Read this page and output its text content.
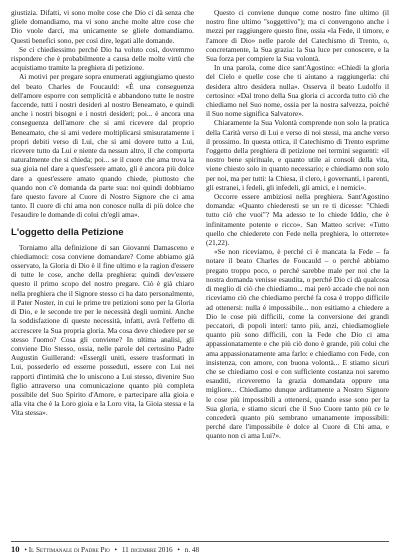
giustizia. Difatti, vi sono molte cose che Dio ci dà senza che gliele domandiamo, ma vi sono anche molte altre cose che Dio vuole darci, ma unicamente se gliele domandiamo. Questi benefici sono, per così dire, legati alle domande.

Se ci chiediessimo perché Dio ha voluto così, dovremmo rispondere che è probabilmente a causa delle molte virtù che acquistiamo tramite la preghiera di petizione.

Ai motivi per pregare sopra enumerati aggiungiamo questo del beato Charles de Foucauld: «È una conseguenza dell'amore esporre con semplicità e abbandono tutte le nostre faccende, tutti i nostri desideri al nostro Beneamato, e quindi anche i nostri bisogni e i nostri desideri; poi... è ancora una conseguenza dell'amore che si ami ricevere dal proprio Beneamato, che si ami vedere moltiplicarsi smisuratamente i propri debiti verso di Lui, che si ami dovere tutto a Lui, ricevere tutto da Lui e niente da nessun altro, il che comporta naturalmente che si chieda; poi... se il cuore che ama trova la sua gioia nel dare a quest'essere amato, gli è ancora più dolce dare a quest'essere amato quando chiede, piuttosto che quando non c'è domanda da parte sua: noi quindi dobbiamo fare questo favore al Cuore di Nostro Signore che ci ama tanto. Il cuore di chi ama non conosce nulla di più dolce che l'esaudire le domande di colui ch'egli ama».

L'oggetto della Petizione

Torniamo alla definizione di san Giovanni Damasceno e chiediamoci: cosa conviene domandare? Come abbiamo già osservato, la Gloria di Dio è il fine ultimo e la ragion d'essere di tutte le cose, anche della preghiera: quindi dev'essere questo il primo scopo del nostro pregare. Ciò è già chiaro nella preghiera che il Signore stesso ci ha dato personalmente, il Pater Noster, in cui le prime tre petizioni sono per la Gloria di Dio, e le seconde tre per le necessità degli uomini. Anche la soddisfazione di queste necessità, infatti, avrà l'effetto di accrescere la Sua propria gloria. Ma cosa deve chiedere per se stesso l'uomo? Cosa gli conviene? In ultima analisi, gli conviene Dio Stesso, ossia, nelle parole del certosino Padre Augustin Guillerand: «Essergli uniti, essere trasformati in Lui, possederlo ed esserne posseduti, essere con Lui nei rapporti d'intimità che lo uniscono a Lui stesso, divenire Suo figlio attraverso una comunicazione quanto più completa possibile del Suo Spirito d'Amore, e partecipare alla gioia e alla vita che è la Loro gioia e la Loro vita, la Gioia stessa e la Vita stessa».

Questo ci conviene dunque come nostro fine ultimo (il nostro fine ultimo "soggettivo"); ma ci convengono anche i mezzi per raggiungere questo fine, ossia «la Fede, il timore, e l'amore di Dio» nelle parole del Catechismo di Trento, o, concretamente, la Sua grazia: la Sua luce per conoscere, e la Sua forza per compiere la Sua volontà.

In una parola, come dice sant'Agostino: «Chiedi la gloria del Cielo e quelle cose che ti aiutano a raggiungerla: chi desidera altro desidera nulla». Osserva il beato Ludolfo il certosino: «Dal trono della Sua gloria ci accorda tutto ciò che chiediamo nel Suo nome, ossia per la nostra salvezza, poiché il Suo nome significa Salvatore».

Chiaramente la Sua Volontà comprende non solo la pratica della Carità verso di Lui e verso di noi stessi, ma anche verso il prossimo. In questa ottica, il Catechismo di Trento esprime l'oggetto della preghiera di petizione nei termini seguenti: «il nostro bene spirituale, e quanto utile ai consoli della vita, viene chiesto solo in quanto necessario; e chiediamo non solo per noi, ma per tutti: la Chiesa, il clero, i governanti, i parenti, gli estranei, i fedeli, gli infedeli, gli amici, e i nemici».

Occorre essere ambiziosi nella preghiera. Sant'Agostino domanda: «Quanto chiederesti se un re ti dicesse: "Chiedi tutto ciò che vuoi"? Ma adesso te lo chiede Iddio, che è infinitamente potente e ricco». San Matteo scrive: «Tutto quello che chiederete con Fede nella preghiera, lo otterrete» (21,22).

«Se non riceviamo, è perché ci è mancata la Fede – fa notare il beato Charles de Foucauld – o perché abbiamo pregato troppo poco, o perché sarebbe male per noi che la nostra domanda venisse esaudita, o perché Dio ci dà qualcosa di meglio di ciò che chiediamo... mai però accade che noi non riceviamo ciò che chiediamo perché fa cosa è troppo difficile ad ottenersi: nulla è impossibile... non esitiamo a chiedere a Dio le cose più difficili, come la conversione dei grandi peccatori, di popoli interi: tanto più, anzi, chiediamogliele quanto più sono difficili, con la Fede che Dio ci ama appassionatamente e che più ciò dono è grande, più colui che ama appassionatamente ama farlo: e chiediamo con Fede, con insistenza, con amore, con buona volontà... E stiamo sicuri che se chiediamo così e con sufficiente costanza noi saremo esauditi, riceveremo la grazia domandata oppure una migliore... Chiediamo dunque arditamente a Nostro Signore le cose più impossibili a ottenersi, quando esse sono per la Sua gloria, e stiamo sicuri che il Suo Cuore tanto più ce le concederà quanto più sembrano umanamente impossibili: perché dare l'impossibile è dolce al Cuore di Chi ama, e quanto non ci ama Lui?».

10 • Il Settimanale di Padre Pio • 11 dicembre 2016 • n. 48
